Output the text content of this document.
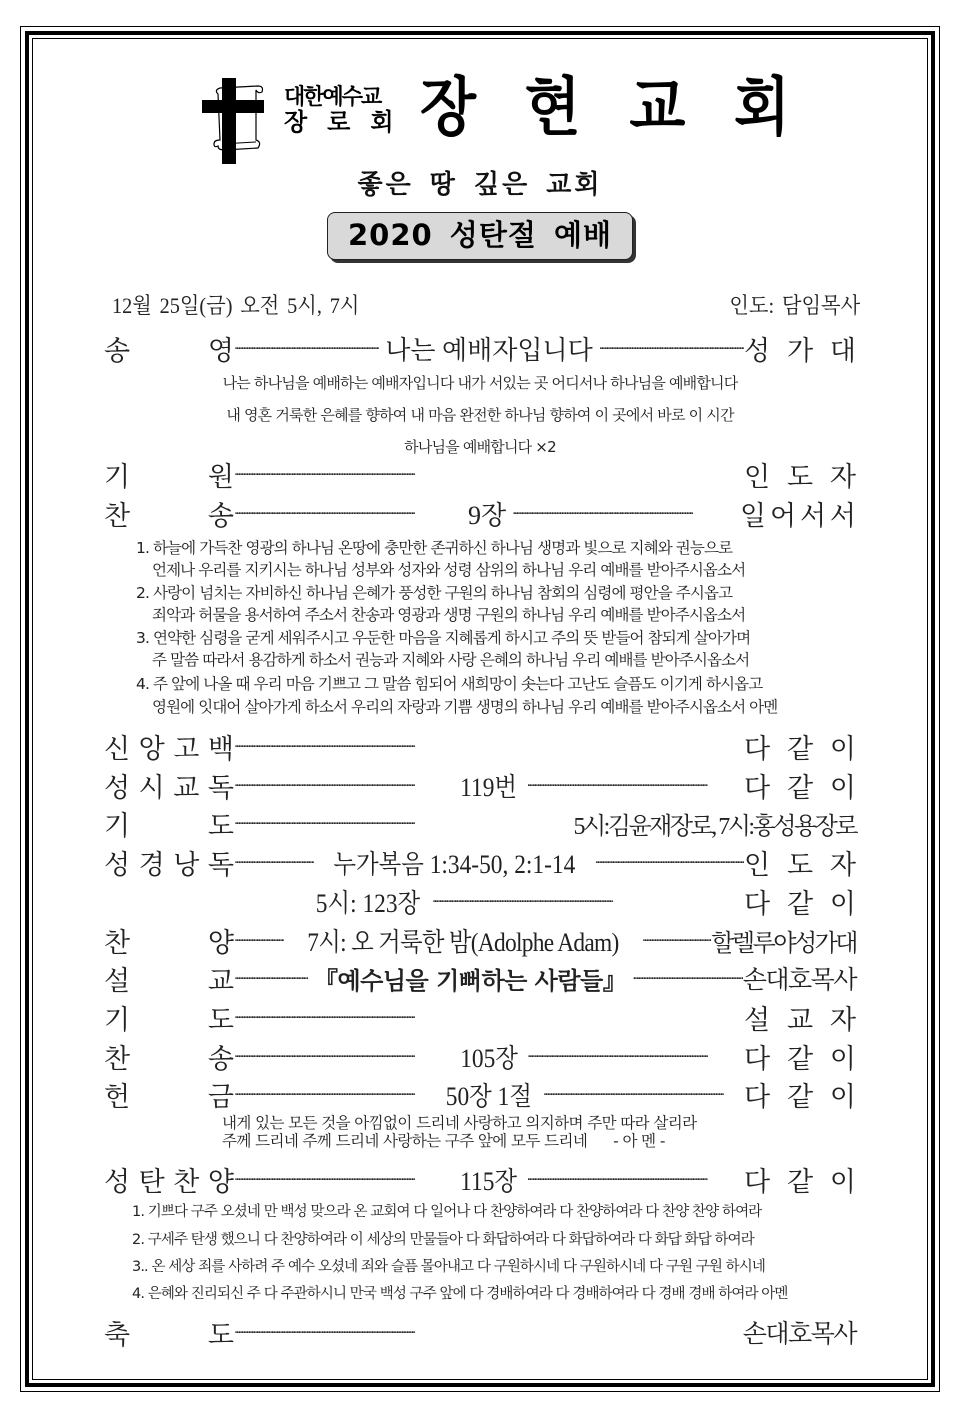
대한예수교
장로회 장 현 교 회
좋은 땅 깊은 교회
2020 성탄절 예배
12월 25일(금) 오전 5시, 7시	인도: 담임목사
송	영 · · ·	나는 예배자입니다 · · ·	성 가 대
나는 하나님을 예배하는 예배자입니다 내가 서있는 곳 어디서나 하나님을 예배합니다
내 영혼 거룩한 은혜를 향하여 내 마음 완전한 하나님 향하여 이 곳에서 바로 이 시간
하나님을 예배합니다 ×2
기	원 · · ·	인 도 자
찬	송 · · ·	9장 · · ·	일 어 서 서
1. 하늘에 가득찬 영광의 하나님 온땅에 충만한 존귀하신 하나님 생명과 빛으로 지혜와 권능으로
언제나 우리를 지키시는 하나님 성부와 성자와 성령 삼위의 하나님 우리 예배를 받아주시옵소서
2. 사랑이 넘치는 자비하신 하나님 은혜가 풍성한 구원의 하나님 참회의 심령에 평안을 주시옵고
죄악과 허물을 용서하여 주소서 찬송과 영광과 생명 구원의 하나님 우리 예배를 받아주시옵소서
3. 연약한 심령을 굳게 세워주시고 우둔한 마음을 지혜롭게 하시고 주의 뜻 받들어 참되게 살아가며
주 말씀 따라서 용감하게 하소서 권능과 지혜와 사랑 은혜의 하나님 우리 예배를 받아주시옵소서
4. 주 앞에 나올 때 우리 마음 기쁘고 그 말씀 힘되어 새희망이 솟는다 고난도 슬픔도 이기게 하시옵고
영원에 잇대어 살아가게 하소서 우리의 자랑과 기쁨 생명의 하나님 우리 예배를 받아주시옵소서 아멘
신 앙 고 백 · · ·	다 같 이
성 시 교 독 · · ·	119번 · · ·	다 같 이
기	도 · · ·	5시:김윤재장로, 7시:홍성용장로
성 경 낭 독 · · ·	누가복음 1:34-50, 2:1-14 · · ·	인 도 자
5시: 123장 · · ·	다 같 이
찬	양 · · ·	7시: 오 거룩한 밤(Adolphe Adam) · · ·	할렐루야성가대
설	교 · · ·	『예수님을 기뻐하는 사람들』 · · ·	손대호목사
기	도 · · ·	설 교 자
찬	송 · · ·	105장 · · ·	다 같 이
헌	금 · · ·	50장 1절 · · ·	다 같 이
내게 있는 모든 것을 아낌없이 드리네 사랑하고 의지하며 주만 따라 살리라
주께 드리네 주께 드리네 사랑하는 구주 앞에 모두 드리네      - 아 멘 -
성 탄 찬 양 · · ·	115장 · · ·	다 같 이
1. 기쁘다 구주 오셨네 만 백성 맞으라 온 교회여 다 일어나 다 찬양하여라 다 찬양하여라 다 찬양 찬양 하여라
2. 구세주 탄생 했으니 다 찬양하여라 이 세상의 만물들아 다 화답하여라 다 화답하여라 다 화답 화답 하여라
3.. 온 세상 죄를 사하려 주 예수 오셨네 죄와 슬픔 몰아내고 다 구원하시네 다 구원하시네 다 구원 구원 하시네
4. 은혜와 진리되신 주 다 주관하시니 만국 백성 구주 앞에 다 경배하여라 다 경배하여라 다 경배 경배 하여라 아멘
축	도 · · ·	손대호목사
